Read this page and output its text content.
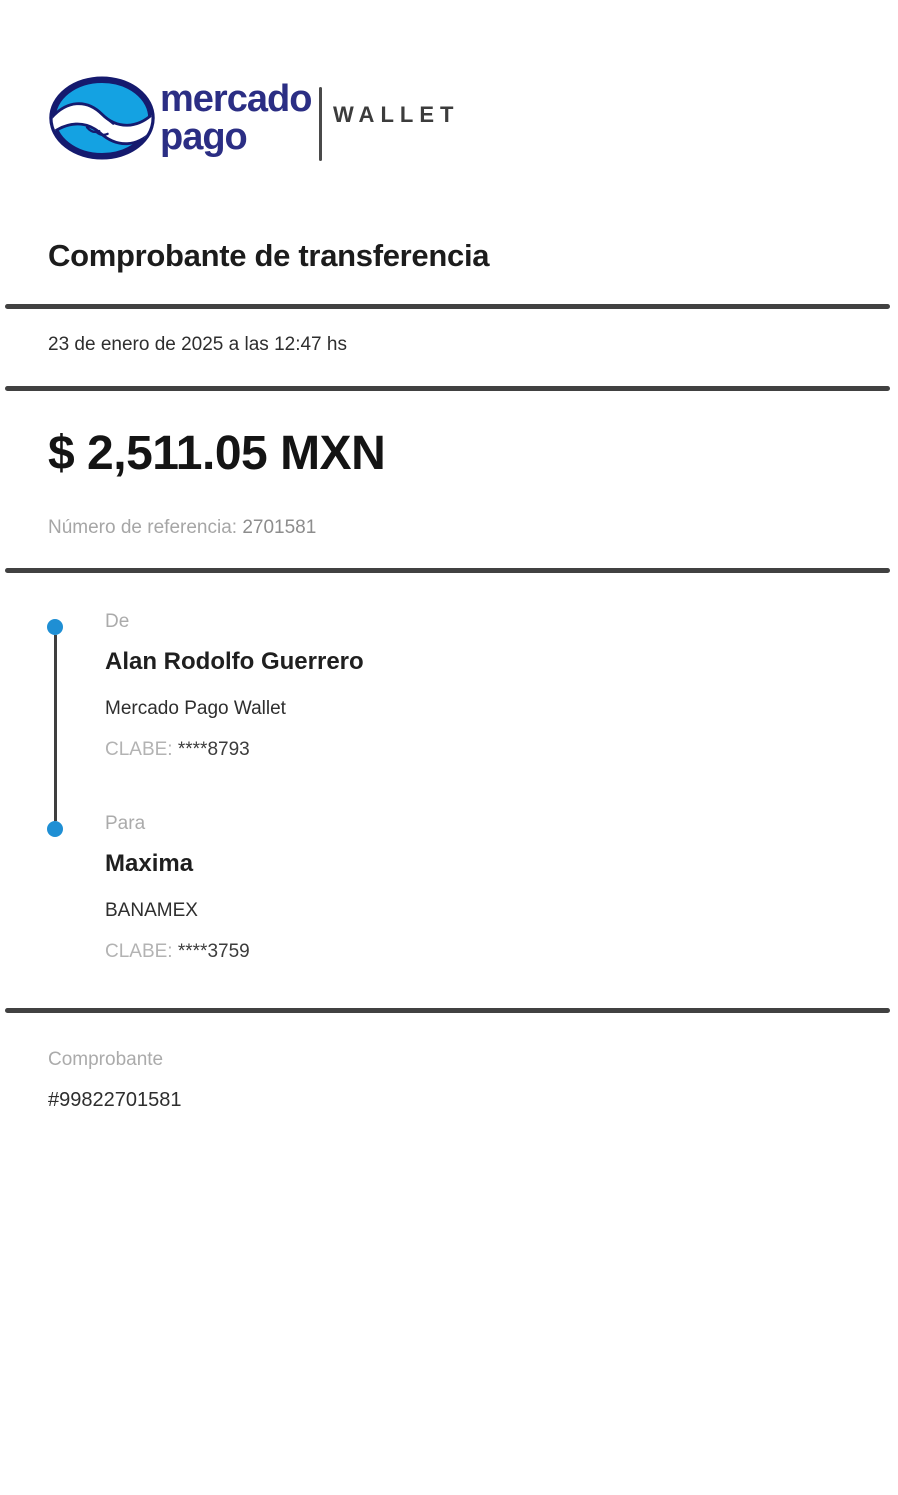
mercado
pago
WALLET
Comprobante de transferencia
23 de enero de 2025 a las 12:47 hs
$ 2,511.05 MXN
Número de referencia: 2701581
De
Alan Rodolfo Guerrero
Mercado Pago Wallet
CLABE: ****8793
Para
Maxima
BANAMEX
CLABE: ****3759
Comprobante
#99822701581
